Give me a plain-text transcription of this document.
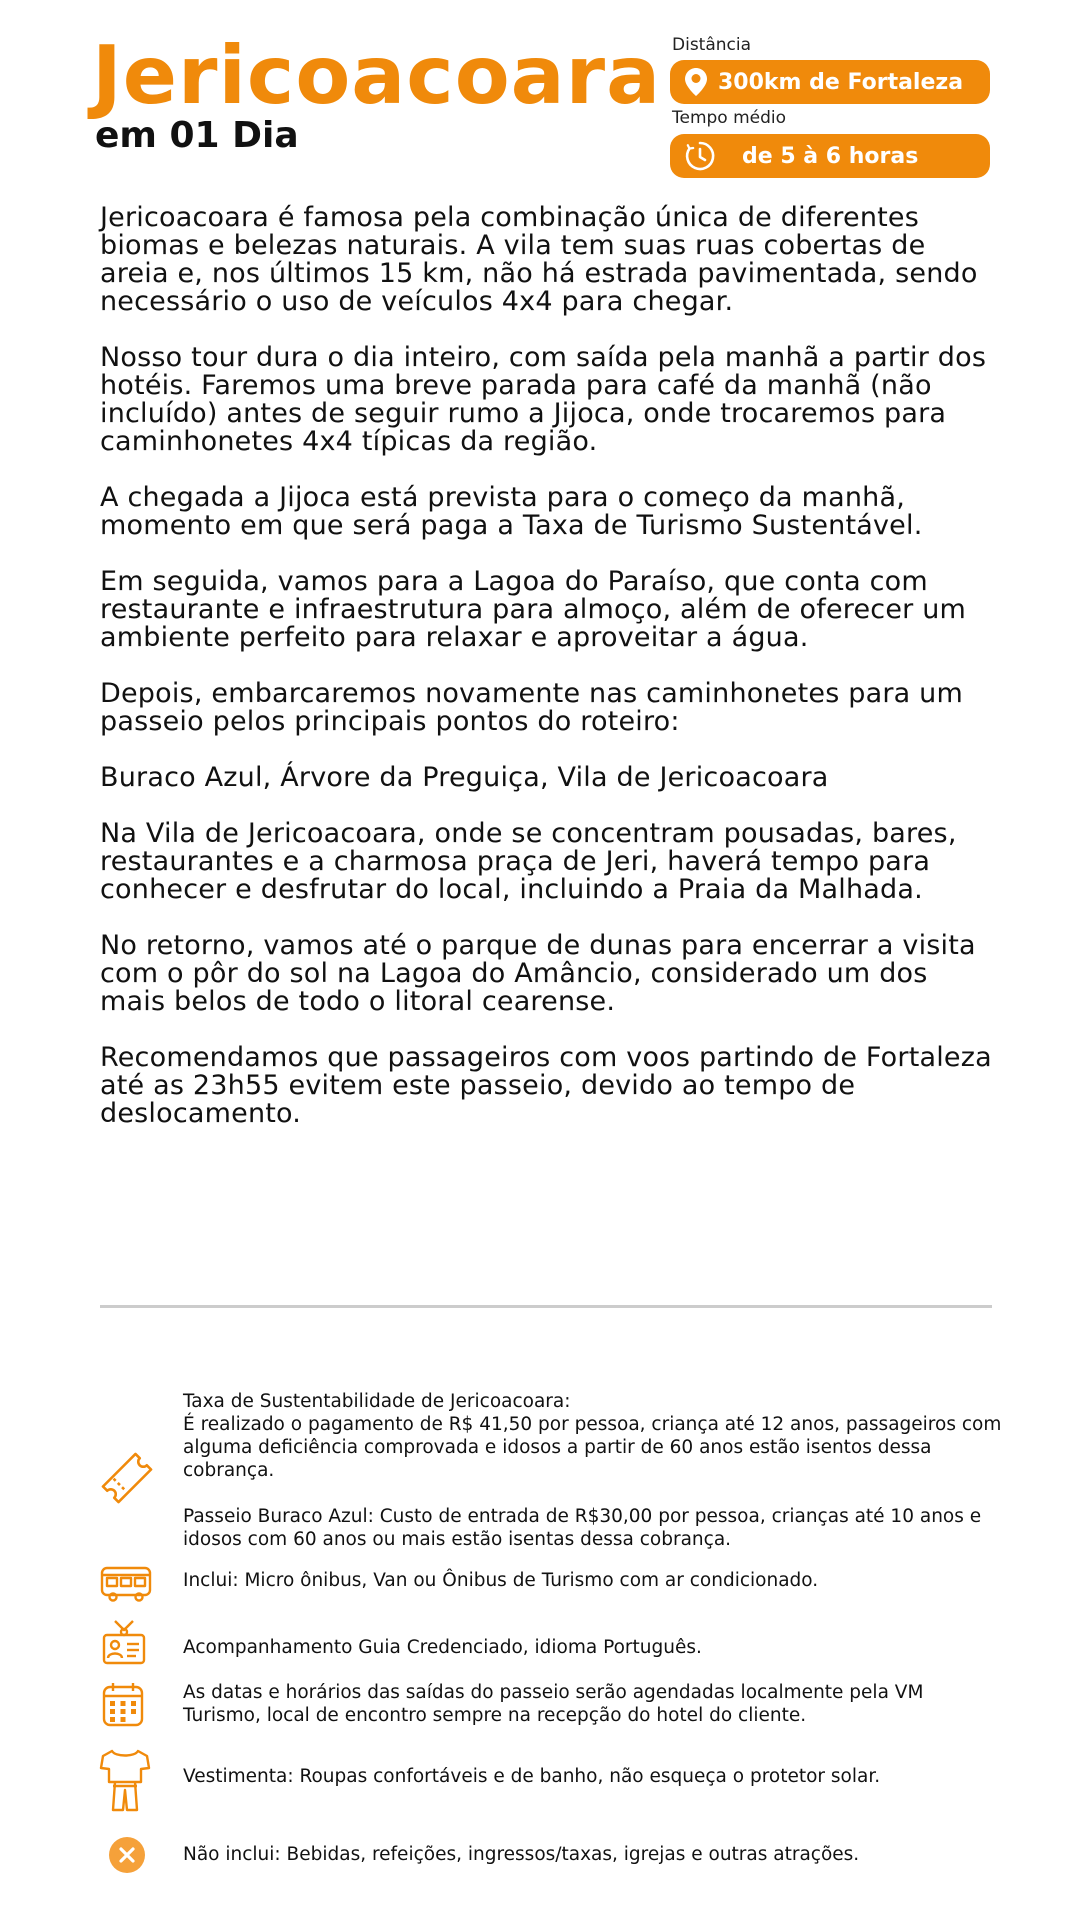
Jericoacoara
em 01 Dia
Distância
300km de Fortaleza
Tempo médio
de 5 à 6 horas

Jericoacoara é famosa pela combinação única de diferentes biomas e belezas naturais. A vila tem suas ruas cobertas de areia e, nos últimos 15 km, não há estrada pavimentada, sendo necessário o uso de veículos 4x4 para chegar.

Nosso tour dura o dia inteiro, com saída pela manhã a partir dos hotéis. Faremos uma breve parada para café da manhã (não incluído) antes de seguir rumo a Jijoca, onde trocaremos para caminhonetes 4x4 típicas da região.

A chegada a Jijoca está prevista para o começo da manhã, momento em que será paga a Taxa de Turismo Sustentável.

Em seguida, vamos para a Lagoa do Paraíso, que conta com restaurante e infraestrutura para almoço, além de oferecer um ambiente perfeito para relaxar e aproveitar a água.

Depois, embarcaremos novamente nas caminhonetes para um passeio pelos principais pontos do roteiro:

Buraco Azul, Árvore da Preguiça, Vila de Jericoacoara

Na Vila de Jericoacoara, onde se concentram pousadas, bares, restaurantes e a charmosa praça de Jeri, haverá tempo para conhecer e desfrutar do local, incluindo a Praia da Malhada.

No retorno, vamos até o parque de dunas para encerrar a visita com o pôr do sol na Lagoa do Amâncio, considerado um dos mais belos de todo o litoral cearense.

Recomendamos que passageiros com voos partindo de Fortaleza até as 23h55 evitem este passeio, devido ao tempo de deslocamento.

Taxa de Sustentabilidade de Jericoacoara:

É realizado o pagamento de R$ 41,50 por pessoa, criança até 12 anos, passageiros com alguma deficiência comprovada e idosos a partir de 60 anos estão isentos dessa cobrança.

Passeio Buraco Azul: Custo de entrada de R$30,00 por pessoa, crianças até 10 anos e idosos com 60 anos ou mais estão isentas dessa cobrança.

Inclui: Micro ônibus, Van ou Ônibus de Turismo com ar condicionado.
Acompanhamento Guia Credenciado, idioma Português.
As datas e horários das saídas do passeio serão agendadas localmente pela VM Turismo, local de encontro sempre na recepção do hotel do cliente.
Vestimenta: Roupas confortáveis e de banho, não esqueça o protetor solar.
Não inclui: Bebidas, refeições, ingressos/taxas, igrejas e outras atrações.
